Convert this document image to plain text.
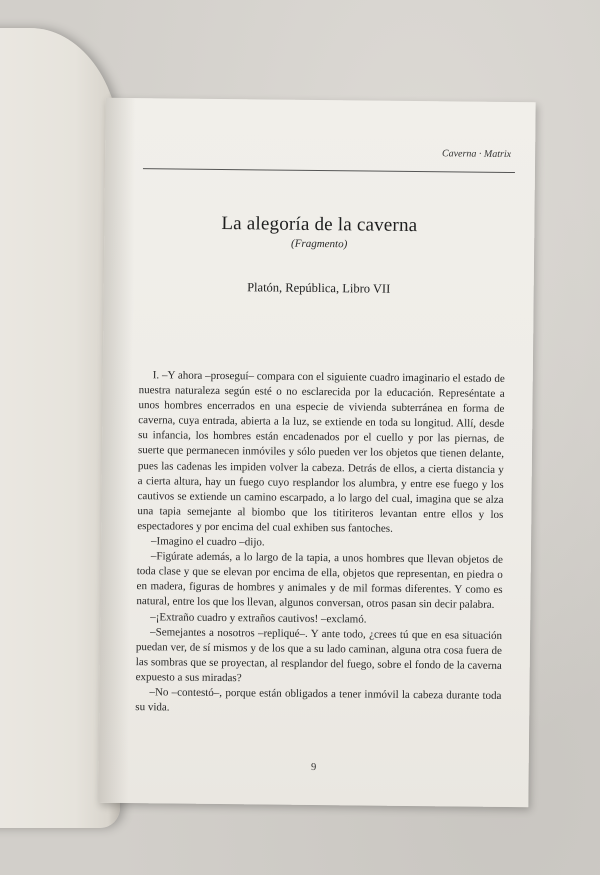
Caverna · Matrix
La alegoría de la caverna
(Fragmento)
Platón, República, Libro VII

I. –Y ahora –proseguí– compara con el siguiente cuadro imaginario el estado de nuestra naturaleza según esté o no esclarecida por la educación. Represéntate a unos hombres encerrados en una especie de vivienda subterránea en forma de caverna, cuya entrada, abierta a la luz, se extiende en toda su longitud. Allí, desde su infancia, los hombres están encadenados por el cuello y por las piernas, de suerte que permanecen inmóviles y sólo pueden ver los objetos que tienen delante, pues las cadenas les impiden volver la cabeza. Detrás de ellos, a cierta distancia y a cierta altura, hay un fuego cuyo resplandor los alumbra, y entre ese fuego y los cautivos se extiende un camino escarpado, a lo largo del cual, imagina que se alza una tapia semejante al biombo que los titiriteros levantan entre ellos y los espectadores y por encima del cual exhiben sus fantoches.

–Imagino el cuadro –dijo.

–Figúrate además, a lo largo de la tapia, a unos hombres que llevan objetos de toda clase y que se elevan por encima de ella, objetos que representan, en piedra o en madera, figuras de hombres y animales y de mil formas diferentes. Y como es natural, entre los que los llevan, algunos conversan, otros pasan sin decir palabra.

–¡Extraño cuadro y extraños cautivos! –exclamó.

–Semejantes a nosotros –repliqué–. Y ante todo, ¿crees tú que en esa situación puedan ver, de sí mismos y de los que a su lado caminan, alguna otra cosa fuera de las sombras que se proyectan, al resplandor del fuego, sobre el fondo de la caverna expuesto a sus miradas?

–No –contestó–, porque están obligados a tener inmóvil la cabeza durante toda su vida.

9
